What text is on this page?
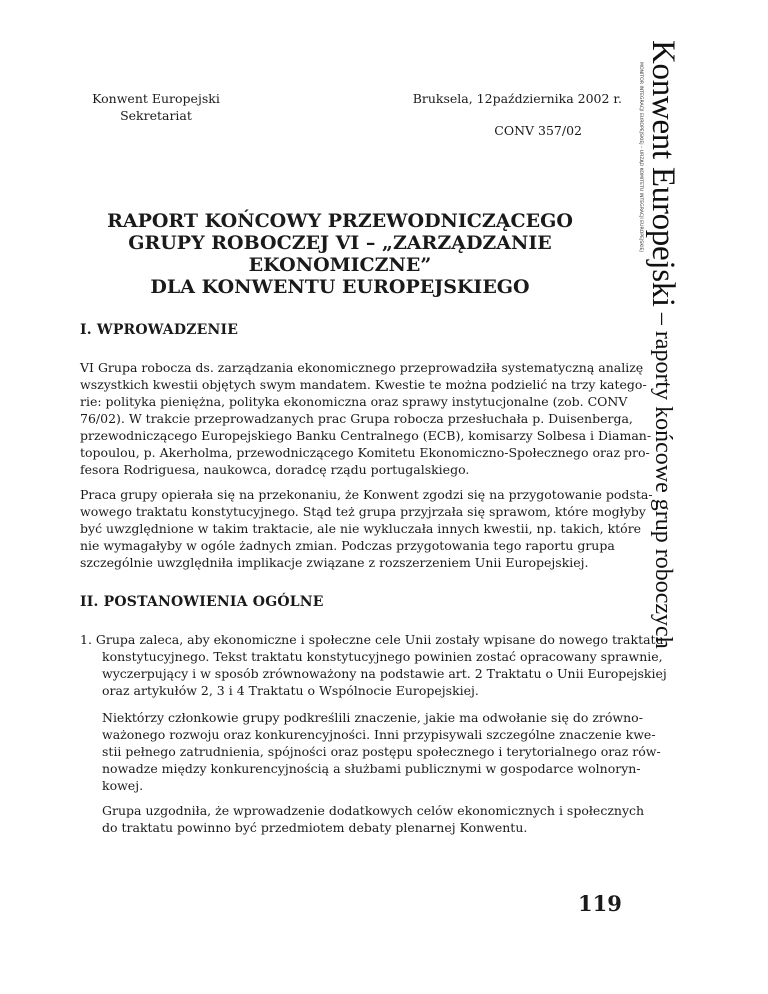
Konwent Europejski
Sekretariat
Bruksela, 12października 2002 r.
CONV 357/02
RAPORT KOŃCOWY PRZEWODNICZĄCEGO
GRUPY ROBOCZEJ VI – „ZARZĄDZANIE
EKONOMICZNE”
DLA KONWENTU EUROPEJSKIEGO
I. WPROWADZENIE
VI Grupa robocza ds. zarządzania ekonomicznego przeprowadziła systematyczną analizę
wszystkich kwestii objętych swym mandatem. Kwestie te można podzielić na trzy katego-
rie: polityka pieniężna, polityka ekonomiczna oraz sprawy instytucjonalne (zob. CONV
76/02). W trakcie przeprowadzanych prac Grupa robocza przesłuchała p. Duisenberga,
przewodniczącego Europejskiego Banku Centralnego (ECB), komisarzy Solbesa i Diaman-
topoulou, p. Akerholma, przewodniczącego Komitetu Ekonomiczno-Społecznego oraz pro-
fesora Rodriguesa, naukowca, doradcę rządu portugalskiego.
Praca grupy opierała się na przekonaniu, że Konwent zgodzi się na przygotowanie podsta-
wowego traktatu konstytucyjnego. Stąd też grupa przyjrzała się sprawom, które mogłyby
być uwzględnione w takim traktacie, ale nie wykluczała innych kwestii, np. takich, które
nie wymagałyby w ogóle żadnych zmian. Podczas przygotowania tego raportu grupa
szczególnie uwzględniła implikacje związane z rozszerzeniem Unii Europejskiej.
II. POSTANOWIENIA OGÓLNE
1. Grupa zaleca, aby ekonomiczne i społeczne cele Unii zostały wpisane do nowego traktatu
konstytucyjnego. Tekst traktatu konstytucyjnego powinien zostać opracowany sprawnie,
wyczerpujący i w sposób zrównoważony na podstawie art. 2 Traktatu o Unii Europejskiej
oraz artykułów 2, 3 i 4 Traktatu o Wspólnocie Europejskiej.
Niektórzy członkowie grupy podkreślili znaczenie, jakie ma odwołanie się do zrówno-
ważonego rozwoju oraz konkurencyjności. Inni przypisywali szczególne znaczenie kwe-
stii pełnego zatrudnienia, spójności oraz postępu społecznego i terytorialnego oraz rów-
nowadze między konkurencyjnością a służbami publicznymi w gospodarce wolnoryn-
kowej.
Grupa uzgodniła, że wprowadzenie dodatkowych celów ekonomicznych i społecznych
do traktatu powinno być przedmiotem debaty plenarnej Konwentu.
119
Konwent Europejski – raporty końcowe grup roboczych
MONITOR INTEGRACJI EUROPEJSKIEJ – URZĄD KOMITETU INTEGRACJI EUROPEJSKIEJ
